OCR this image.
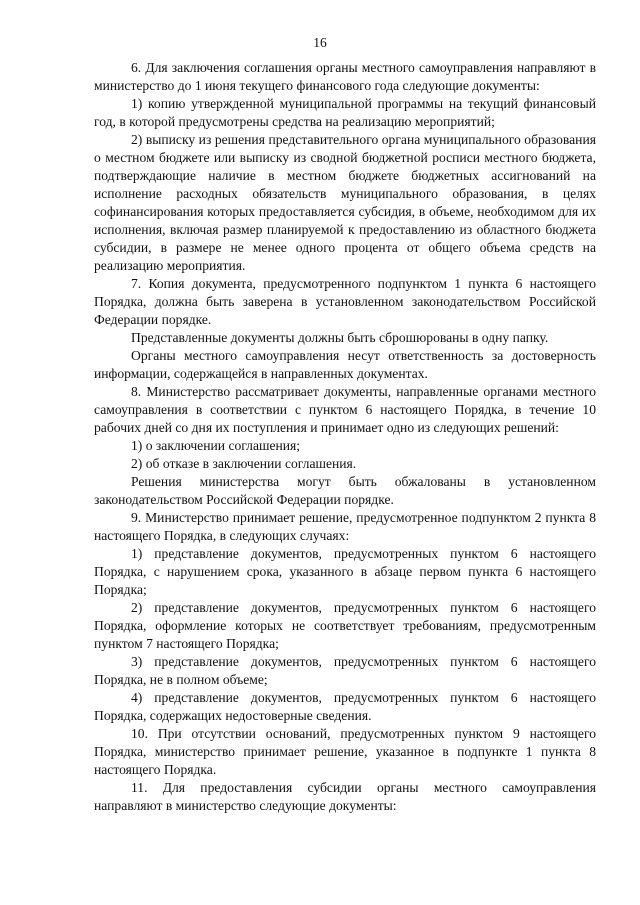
16

6. Для заключения соглашения органы местного самоуправления направляют в министерство до 1 июня текущего финансового года следующие документы:

1) копию утвержденной муниципальной программы на текущий финансовый год, в которой предусмотрены средства на реализацию мероприятий;

2) выписку из решения представительного органа муниципального образования о местном бюджете или выписку из сводной бюджетной росписи местного бюджета, подтверждающие наличие в местном бюджете бюджетных ассигнований на исполнение расходных обязательств муниципального образования, в целях софинансирования которых предоставляется субсидия, в объеме, необходимом для их исполнения, включая размер планируемой к предоставлению из областного бюджета субсидии, в размере не менее одного процента от общего объема средств на реализацию мероприятия.

7. Копия документа, предусмотренного подпунктом 1 пункта 6 настоящего Порядка, должна быть заверена в установленном законодательством Российской Федерации порядке.

Представленные документы должны быть сброшюрованы в одну папку.

Органы местного самоуправления несут ответственность за достоверность информации, содержащейся в направленных документах.

8. Министерство рассматривает документы, направленные органами местного самоуправления в соответствии с пунктом 6 настоящего Порядка, в течение 10 рабочих дней со дня их поступления и принимает одно из следующих решений:

1) о заключении соглашения;

2) об отказе в заключении соглашения.

Решения министерства могут быть обжалованы в установленном законодательством Российской Федерации порядке.

9. Министерство принимает решение, предусмотренное подпунктом 2 пункта 8 настоящего Порядка, в следующих случаях:

1) представление документов, предусмотренных пунктом 6 настоящего Порядка, с нарушением срока, указанного в абзаце первом пункта 6 настоящего Порядка;

2) представление документов, предусмотренных пунктом 6 настоящего Порядка, оформление которых не соответствует требованиям, предусмотренным пунктом 7 настоящего Порядка;

3) представление документов, предусмотренных пунктом 6 настоящего Порядка, не в полном объеме;

4) представление документов, предусмотренных пунктом 6 настоящего Порядка, содержащих недостоверные сведения.

10. При отсутствии оснований, предусмотренных пунктом 9 настоящего Порядка, министерство принимает решение, указанное в подпункте 1 пункта 8 настоящего Порядка.

11. Для предоставления субсидии органы местного самоуправления направляют в министерство следующие документы:
